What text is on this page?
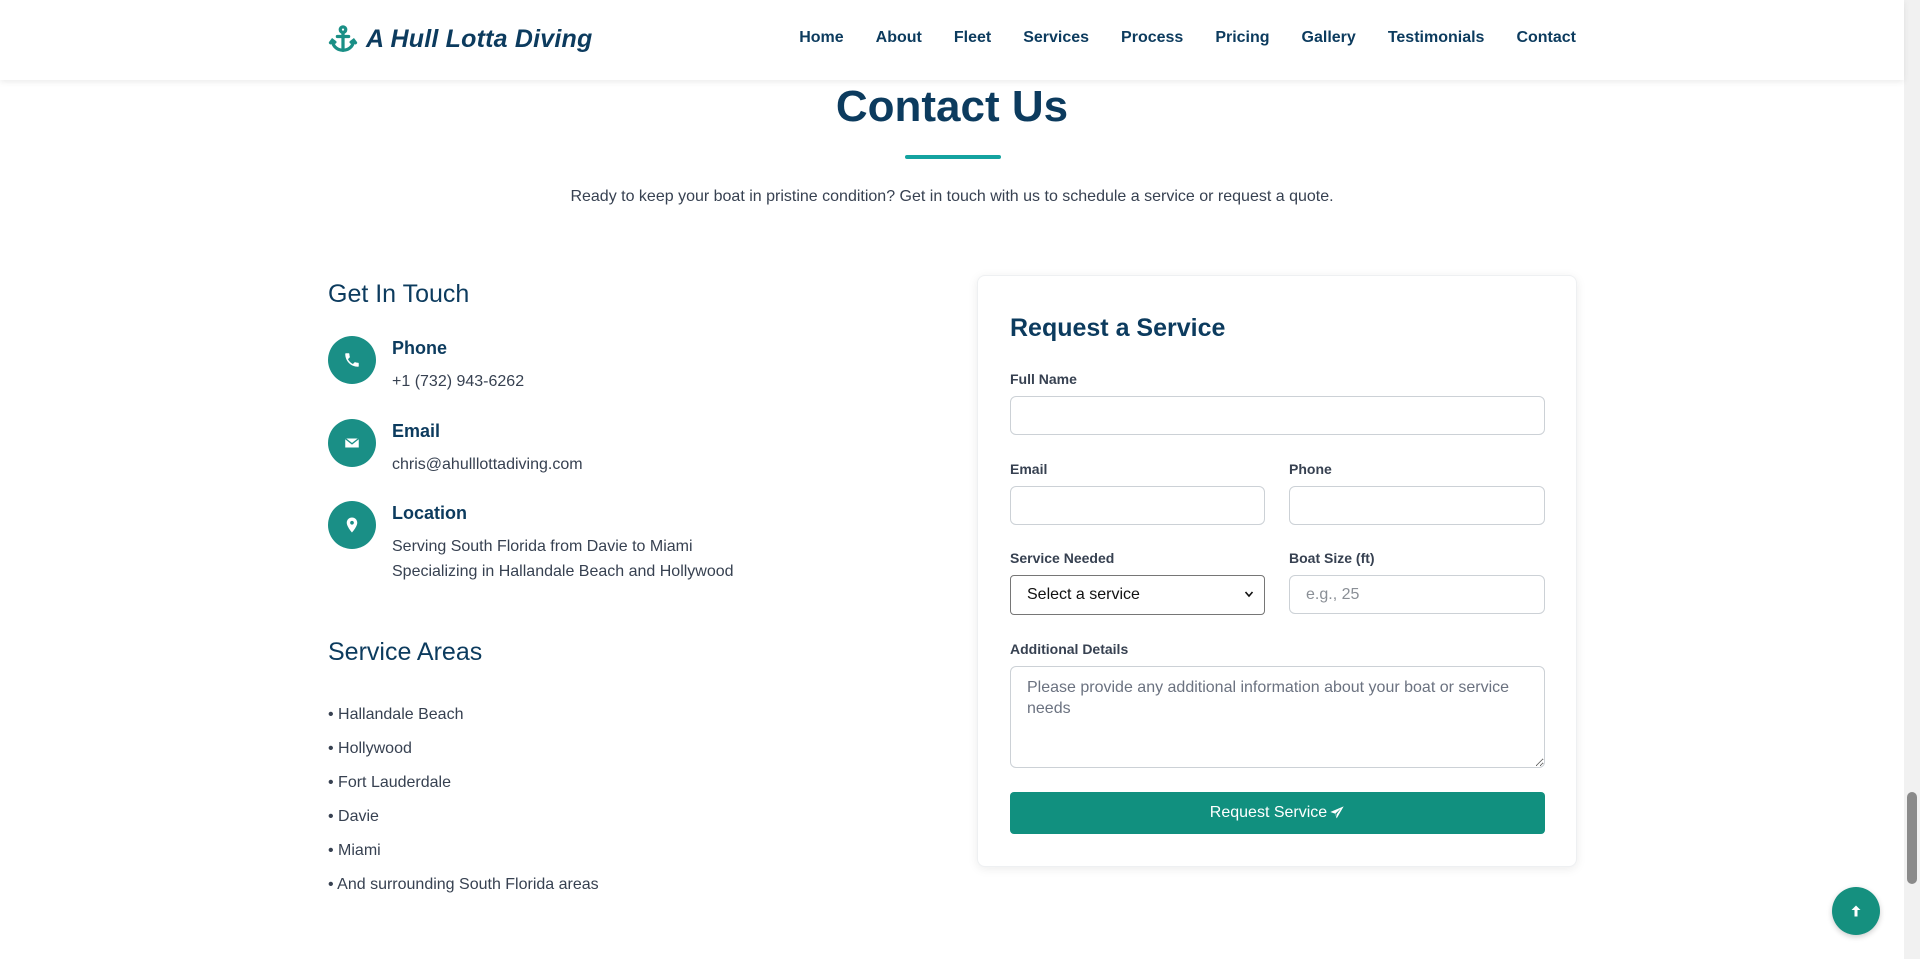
A Hull Lotta Diving	Home About Fleet Services Process Pricing Gallery Testimonials Contact
Contact Us

Ready to keep your boat in pristine condition? Get in touch with us to schedule a service or request a quote.

Get In Touch
Phone
+1 (732) 943-6262
Email
chris@ahulllottadiving.com
Location
Serving South Florida from Davie to Miami
Specializing in Hallandale Beach and Hollywood
Service Areas
• Hallandale Beach
• Hollywood
• Fort Lauderdale
• Davie
• Miami
• And surrounding South Florida areas
Request a Service
Full Name
Email	Phone
Service Needed
Select a service
Boat Size (ft)
e.g., 25
Additional Details
Please provide any additional information about your boat or service needs
Request Service
